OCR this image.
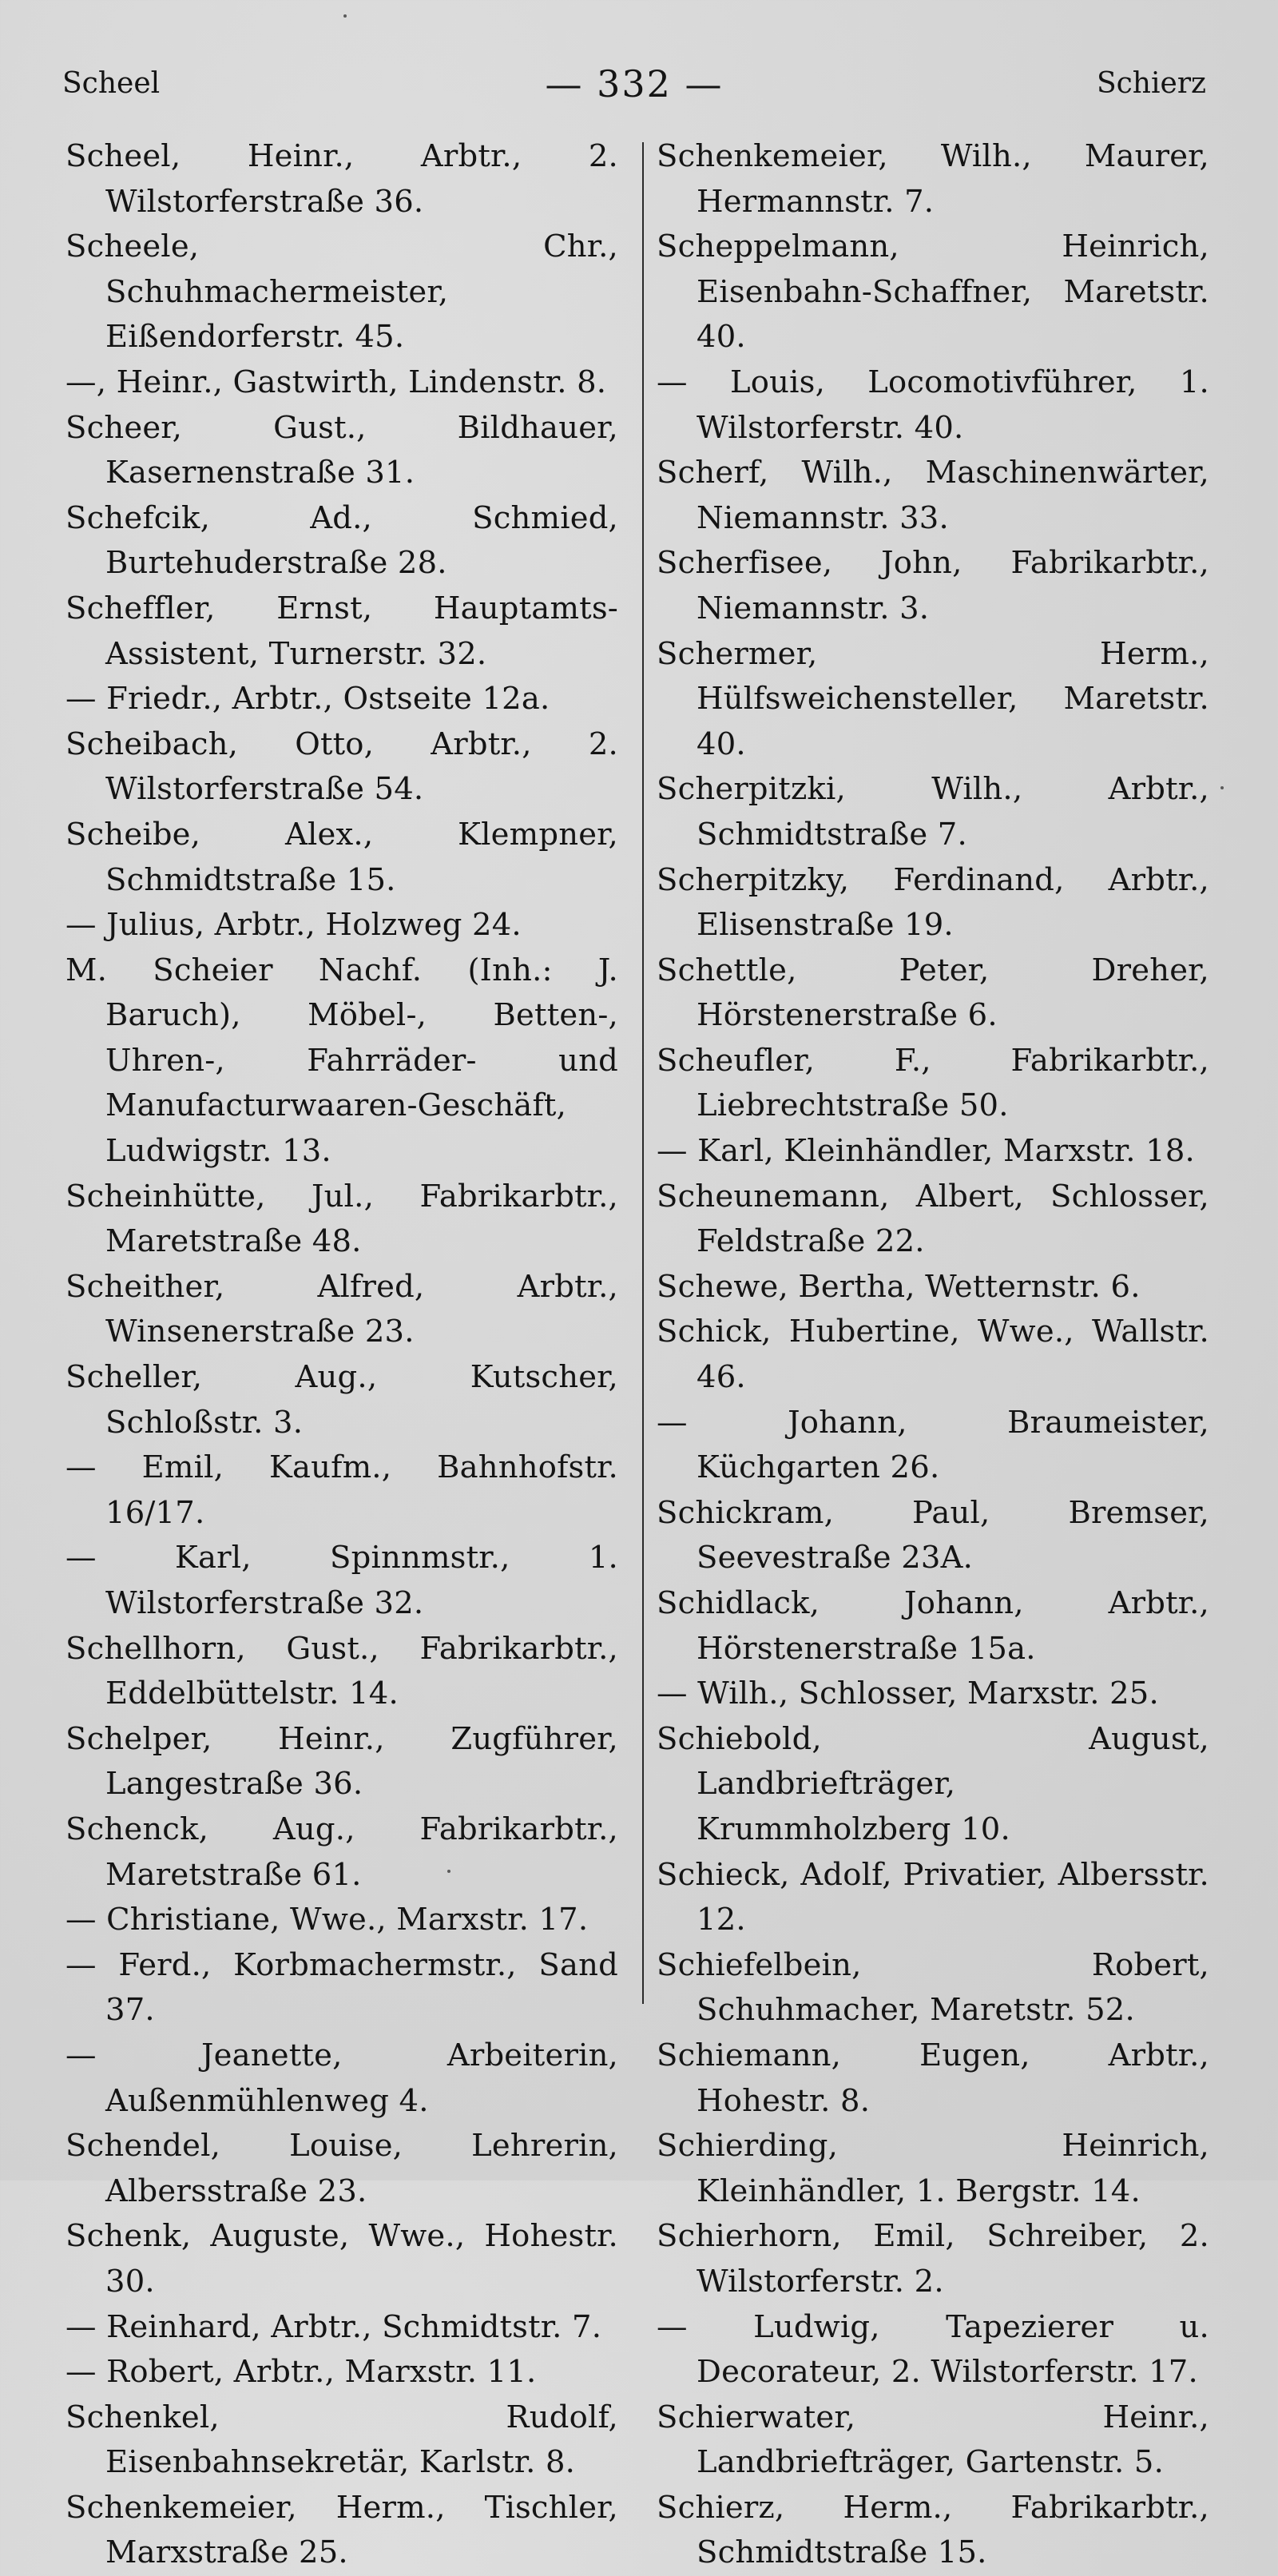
Scheel	— 332 —	Schierz
Scheel, Heinr., Arbtr., 2. Wilstorferstraße 36.
Scheele, Chr., Schuhmachermeister, Eißendorferstr. 45.
—, Heinr., Gastwirth, Lindenstr. 8.
Scheer, Gust., Bildhauer, Kasernenstraße 31.
Schefcik, Ad., Schmied, Burtehuderstraße 28.
Scheffler, Ernst, Hauptamts-Assistent, Turnerstr. 32.
— Friedr., Arbtr., Ostseite 12a.
Scheibach, Otto, Arbtr., 2. Wilstorferstraße 54.
Scheibe, Alex., Klempner, Schmidtstraße 15.
— Julius, Arbtr., Holzweg 24.
M. Scheier Nachf. (Inh.: J. Baruch), Möbel-, Betten-, Uhren-, Fahrräder- und Manufacturwaaren-Geschäft, Ludwigstr. 13.
Scheinhütte, Jul., Fabrikarbtr., Maretstraße 48.
Scheither, Alfred, Arbtr., Winsenerstraße 23.
Scheller, Aug., Kutscher, Schloßstr. 3.
— Emil, Kaufm., Bahnhofstr. 16/17.
— Karl, Spinnmstr., 1. Wilstorferstraße 32.
Schellhorn, Gust., Fabrikarbtr., Eddelbüttelstr. 14.
Schelper, Heinr., Zugführer, Langestraße 36.
Schenck, Aug., Fabrikarbtr., Maretstraße 61.
— Christiane, Wwe., Marxstr. 17.
— Ferd., Korbmachermstr., Sand 37.
— Jeanette, Arbeiterin, Außenmühlenweg 4.
Schendel, Louise, Lehrerin, Albersstraße 23.
Schenk, Auguste, Wwe., Hohestr. 30.
— Reinhard, Arbtr., Schmidtstr. 7.
— Robert, Arbtr., Marxstr. 11.
Schenkel, Rudolf, Eisenbahnsekretär, Karlstr. 8.
Schenkemeier, Herm., Tischler, Marxstraße 25.
Schenkemeier, Wilh., Maurer, Hermannstr. 7.
Scheppelmann, Heinrich, Eisenbahn-Schaffner, Maretstr. 40.
— Louis, Locomotivführer, 1. Wilstorferstr. 40.
Scherf, Wilh., Maschinenwärter, Niemannstr. 33.
Scherfisee, John, Fabrikarbtr., Niemannstr. 3.
Schermer, Herm., Hülfsweichensteller, Maretstr. 40.
Scherpitzki, Wilh., Arbtr., Schmidtstraße 7.
Scherpitzky, Ferdinand, Arbtr., Elisenstraße 19.
Schettle, Peter, Dreher, Hörstenerstraße 6.
Scheufler, F., Fabrikarbtr., Liebrechtstraße 50.
— Karl, Kleinhändler, Marxstr. 18.
Scheunemann, Albert, Schlosser, Feldstraße 22.
Schewe, Bertha, Wetternstr. 6.
Schick, Hubertine, Wwe., Wallstr. 46.
— Johann, Braumeister, Küchgarten 26.
Schickram, Paul, Bremser, Seevestraße 23A.
Schidlack, Johann, Arbtr., Hörstenerstraße 15a.
— Wilh., Schlosser, Marxstr. 25.
Schiebold, August, Landbriefträger, Krummholzberg 10.
Schieck, Adolf, Privatier, Albersstr. 12.
Schiefelbein, Robert, Schuhmacher, Maretstr. 52.
Schiemann, Eugen, Arbtr., Hohestr. 8.
Schierding, Heinrich, Kleinhändler, 1. Bergstr. 14.
Schierhorn, Emil, Schreiber, 2. Wilstorferstr. 2.
— Ludwig, Tapezierer u. Decorateur, 2. Wilstorferstr. 17.
Schierwater, Heinr., Landbriefträger, Gartenstr. 5.
Schierz, Herm., Fabrikarbtr., Schmidtstraße 15.
